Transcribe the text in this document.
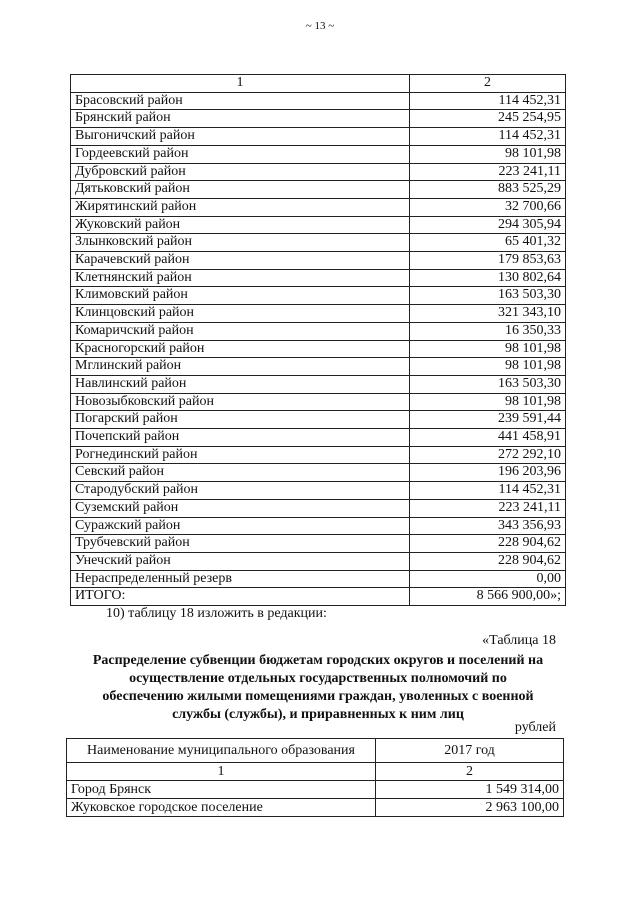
~ 13 ~
1	2
Брасовский район	114 452,31
Брянский район	245 254,95
Выгоничский район	114 452,31
Гордеевский район	98 101,98
Дубровский район	223 241,11
Дятьковский район	883 525,29
Жирятинский район	32 700,66
Жуковский район	294 305,94
Злынковский район	65 401,32
Карачевский район	179 853,63
Клетнянский район	130 802,64
Климовский район	163 503,30
Клинцовский район	321 343,10
Комаричский район	16 350,33
Красногорский район	98 101,98
Мглинский район	98 101,98
Навлинский район	163 503,30
Новозыбковский район	98 101,98
Погарский район	239 591,44
Почепский район	441 458,91
Рогнединский район	272 292,10
Севский район	196 203,96
Стародубский район	114 452,31
Суземский район	223 241,11
Суражский район	343 356,93
Трубчевский район	228 904,62
Унечский район	228 904,62
Нераспределенный резерв	0,00
ИТОГО:	8 566 900,00»;
10) таблицу 18 изложить в редакции:
«Таблица 18
Распределение субвенции бюджетам городских округов и поселений на
осуществление отдельных государственных полномочий по
обеспечению жилыми помещениями граждан, уволенных с военной
службы (службы), и приравненных к ним лиц
рублей
Наименование муниципального образования	2017 год
1	2
Город Брянск	1 549 314,00
Жуковское городское поселение	2 963 100,00
